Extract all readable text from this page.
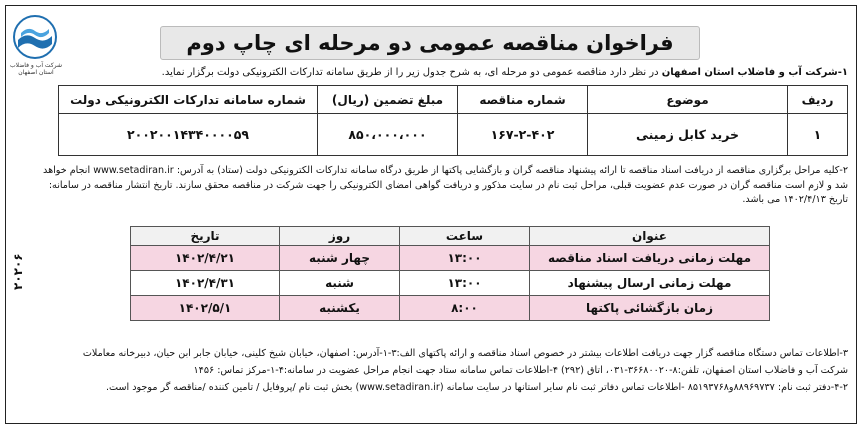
شرکت آب و فاضلاب استان اصفهان
فراخوان مناقصه عمومی دو مرحله ای چاپ دوم
۲۰۲۰۶
۱-شرکت آب و فاضلاب استان اصفهان در نظر دارد مناقصه عمومی دو مرحله ای، به شرح جدول زیر را از طریق سامانه تدارکات الکترونیکی دولت برگزار نماید.
ردیف	موضوع	شماره مناقصه	مبلغ تضمین (ریال)	شماره سامانه تدارکات الکترونیکی دولت
۱	خرید کابل زمینی	۱۶۷-۲-۴۰۲	۸۵۰،۰۰۰،۰۰۰	۲۰۰۲۰۰۱۴۳۴۰۰۰۰۵۹
۲-کلیه مراحل برگزاری مناقصه از دریافت اسناد مناقصه تا ارائه پیشنهاد مناقصه گران و بازگشایی پاکتها از طریق درگاه سامانه تدارکات الکترونیکی دولت (ستاد) به آدرس: www.setadiran.ir انجام خواهد شد و لازم است مناقصه گران در صورت عدم عضویت قبلی، مراحل ثبت نام در سایت مذکور و دریافت گواهی امضای الکترونیکی را جهت شرکت در مناقصه محقق سازند. تاریخ انتشار مناقصه در سامانه: تاریخ ۱۴۰۲/۴/۱۳ می باشد.
عنوان	ساعت	روز	تاریخ
مهلت زمانی دریافت اسناد مناقصه	۱۳:۰۰	چهار شنبه	۱۴۰۲/۴/۲۱
مهلت زمانی ارسال پیشنهاد	۱۳:۰۰	شنبه	۱۴۰۲/۴/۳۱
زمان بازگشائی پاکتها	۸:۰۰	یکشنبه	۱۴۰۲/۵/۱
۳-اطلاعات تماس دستگاه مناقصه گزار جهت دریافت اطلاعات بیشتر در خصوص اسناد مناقصه و ارائه پاکتهای الف:۳-۱-آدرس: اصفهان، خیابان شیخ کلینی، خیابان جابر ابن حیان، دبیرخانه معاملات
شرکت آب و فاضلاب استان اصفهان، تلفن:۸-۳۶۶۸۰۰۲۰-۰۳۱، اتاق (۲۹۲) ۴-اطلاعات تماس سامانه ستاد جهت انجام مراحل عضویت در سامانه:۴-۱-مرکز تماس: ۱۴۵۶
۴-۲-دفتر ثبت نام: ۸۸۹۶۹۷۳۷و۸۵۱۹۳۷۶۸ -اطلاعات تماس دفاتر ثبت نام سایر استانها در سایت سامانه (www.setadiran.ir) بخش ثبت نام /پروفایل / تامین کننده /مناقصه گر موجود است.
